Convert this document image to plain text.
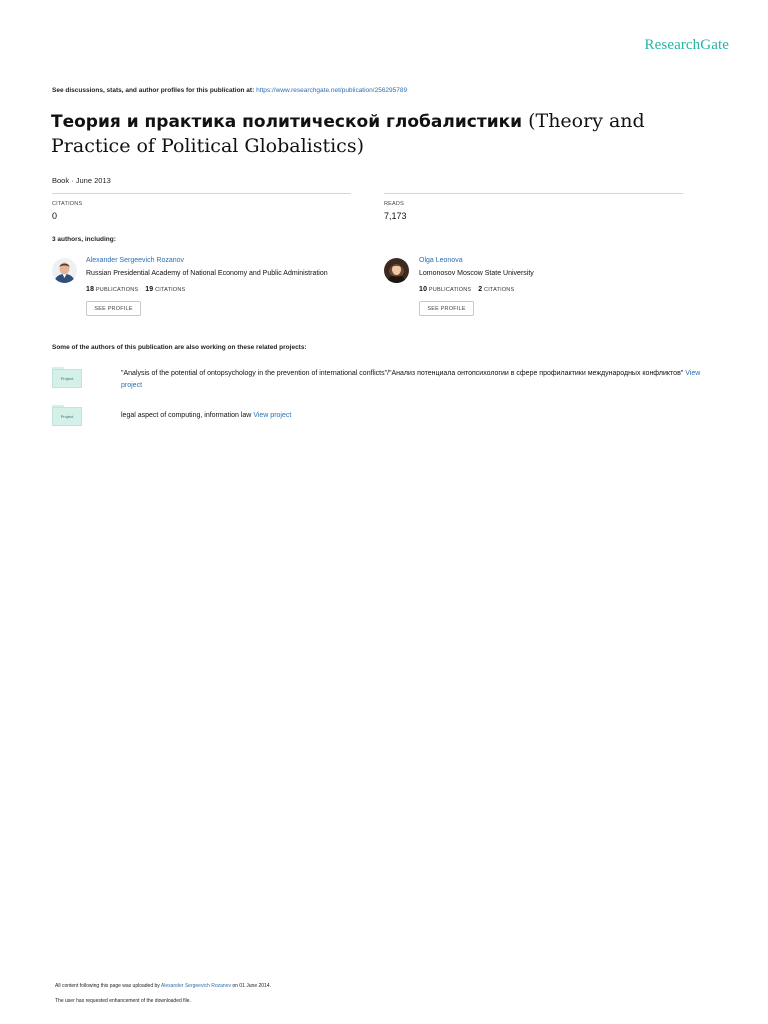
ResearchGate
See discussions, stats, and author profiles for this publication at: https://www.researchgate.net/publication/256295789
Теория и практика политической глобалистики (Theory and Practice of Political Globalistics)
Book · June 2013
CITATIONS
0
READS
7,173
3 authors, including:
Alexander Sergeevich Rozanov
Russian Presidential Academy of National Economy and Public Administration
18 PUBLICATIONS 19 CITATIONS
SEE PROFILE
Olga Leonova
Lomonosov Moscow State University
10 PUBLICATIONS 2 CITATIONS
SEE PROFILE
Some of the authors of this publication are also working on these related projects:
Project
"Analysis of the potential of ontopsychology in the prevention of international conflicts"/"Анализ потенциала онтопсихологии в сфере профилактики международных конфликтов" View project
Project	legal aspect of computing, information law View project
All content following this page was uploaded by Alexander Sergeevich Rozanov on 01 June 2014.
The user has requested enhancement of the downloaded file.
